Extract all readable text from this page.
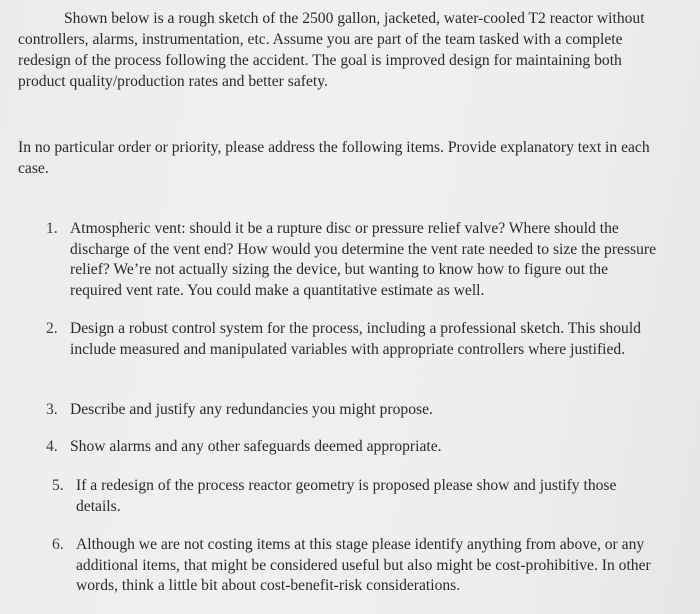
Shown below is a rough sketch of the 2500 gallon, jacketed, water-cooled T2 reactor without controllers, alarms, instrumentation, etc. Assume you are part of the team tasked with a complete redesign of the process following the accident. The goal is improved design for maintaining both product quality/production rates and better safety.

In no particular order or priority, please address the following items. Provide explanatory text in each case.

1. Atmospheric vent: should it be a rupture disc or pressure relief valve? Where should the discharge of the vent end? How would you determine the vent rate needed to size the pressure relief? We’re not actually sizing the device, but wanting to know how to figure out the required vent rate. You could make a quantitative estimate as well.
2. Design a robust control system for the process, including a professional sketch. This should include measured and manipulated variables with appropriate controllers where justified.
3. Describe and justify any redundancies you might propose.
4. Show alarms and any other safeguards deemed appropriate.
5. If a redesign of the process reactor geometry is proposed please show and justify those details.
6. Although we are not costing items at this stage please identify anything from above, or any additional items, that might be considered useful but also might be cost-prohibitive. In other words, think a little bit about cost-benefit-risk considerations.
